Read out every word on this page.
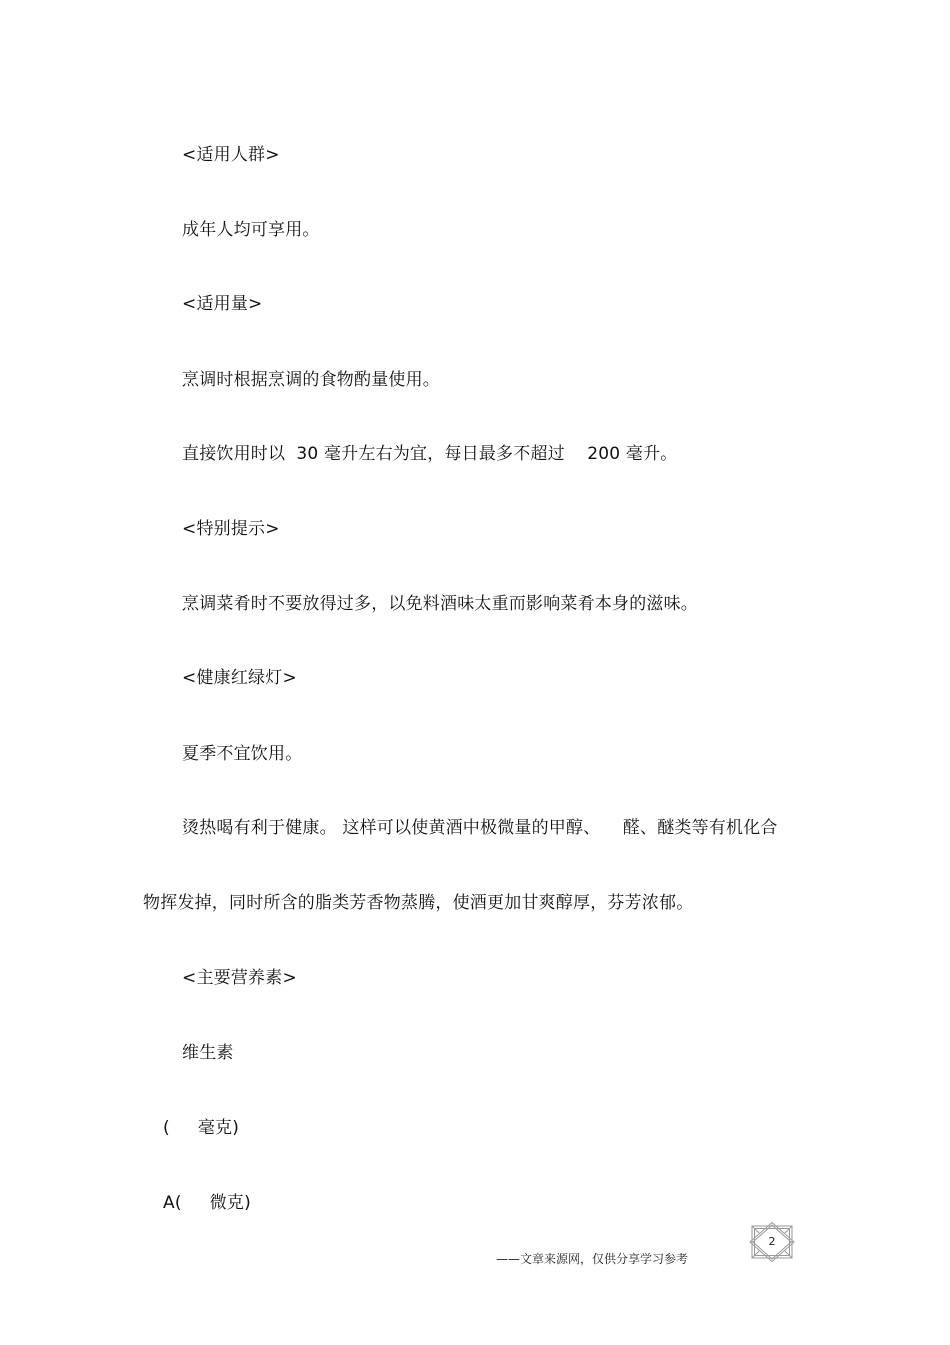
<适用人群>
成年人均可享用。
<适用量>
烹调时根据烹调的食物酌量使用。
直接饮用时以  30 毫升左右为宜，每日最多不超过    200 毫升。
<特别提示>
烹调菜肴时不要放得过多，以免料酒味太重而影响菜肴本身的滋味。
<健康红绿灯>
夏季不宜饮用。
烫热喝有利于健康。 这样可以使黄酒中极微量的甲醇、    醛、醚类等有机化合
物挥发掉，同时所含的脂类芳香物蒸腾，使酒更加甘爽醇厚，芬芳浓郁。
<主要营养素>
维生素
(     毫克)
A(     微克)
——文章来源网，仅供分享学习参考
2
